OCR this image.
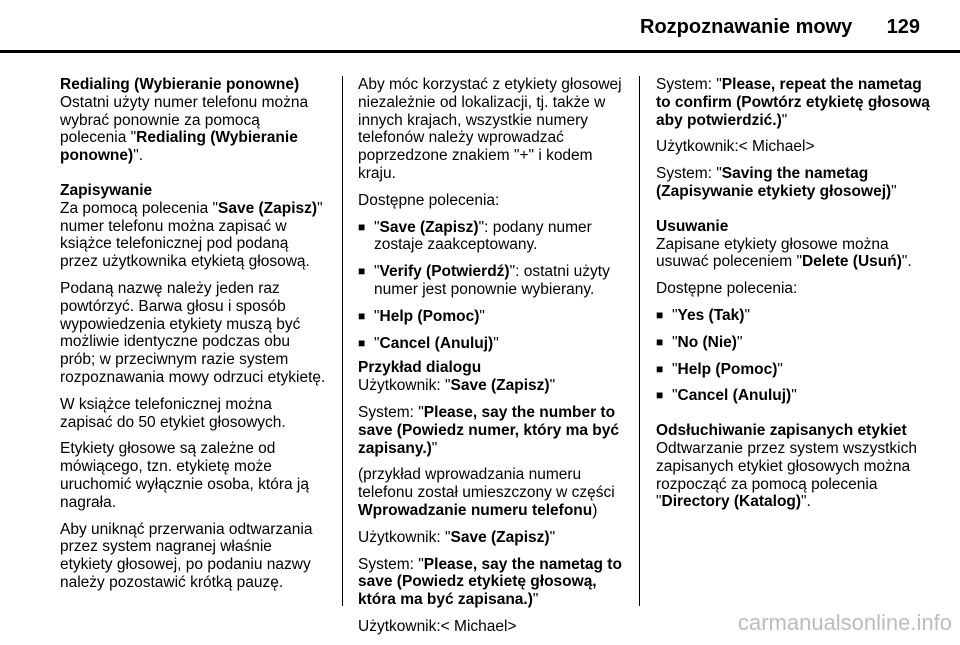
Rozpoznawanie mowy 129

Redialing (Wybieranie ponowne)
Ostatni użyty numer telefonu można wybrać ponownie za pomocą polecenia "Redialing (Wybieranie ponowne)".

Zapisywanie
Za pomocą polecenia "Save (Zapisz)" numer telefonu można zapisać w książce telefonicznej pod podaną przez użytkownika etykietą głosową.

Podaną nazwę należy jeden raz powtórzyć. Barwa głosu i sposób wypowiedzenia etykiety muszą być możliwie identyczne podczas obu prób; w przeciwnym razie system rozpoznawania mowy odrzuci etykietę.

W książce telefonicznej można zapisać do 50 etykiet głosowych.

Etykiety głosowe są zależne od mówiącego, tzn. etykietę może uruchomić wyłącznie osoba, która ją nagrała.

Aby uniknąć przerwania odtwarzania przez system nagranej właśnie etykiety głosowej, po podaniu nazwy należy pozostawić krótką pauzę.

Aby móc korzystać z etykiety głosowej niezależnie od lokalizacji, tj. także w innych krajach, wszystkie numery telefonów należy wprowadzać poprzedzone znakiem "+" i kodem kraju.

Dostępne polecenia:

■ "Save (Zapisz)": podany numer zostaje zaakceptowany.
■ "Verify (Potwierdź)": ostatni użyty numer jest ponownie wybierany.
■ "Help (Pomoc)"
■ "Cancel (Anuluj)"

Przykład dialogu
Użytkownik: "Save (Zapisz)"

System: "Please, say the number to save (Powiedz numer, który ma być zapisany.)"

(przykład wprowadzania numeru telefonu został umieszczony w części Wprowadzanie numeru telefonu)

Użytkownik: "Save (Zapisz)"

System: "Please, say the nametag to save (Powiedz etykietę głosową, która ma być zapisana.)"

Użytkownik:< Michael>

System: "Please, repeat the nametag to confirm (Powtórz etykietę głosową aby potwierdzić.)"

Użytkownik:< Michael>

System: "Saving the nametag (Zapisywanie etykiety głosowej)"

Usuwanie
Zapisane etykiety głosowe można usuwać poleceniem "Delete (Usuń)".

Dostępne polecenia:

■ "Yes (Tak)"
■ "No (Nie)"
■ "Help (Pomoc)"
■ "Cancel (Anuluj)"

Odsłuchiwanie zapisanych etykiet
Odtwarzanie przez system wszystkich zapisanych etykiet głosowych można rozpocząć za pomocą polecenia "Directory (Katalog)".

carmanualsonline.info
